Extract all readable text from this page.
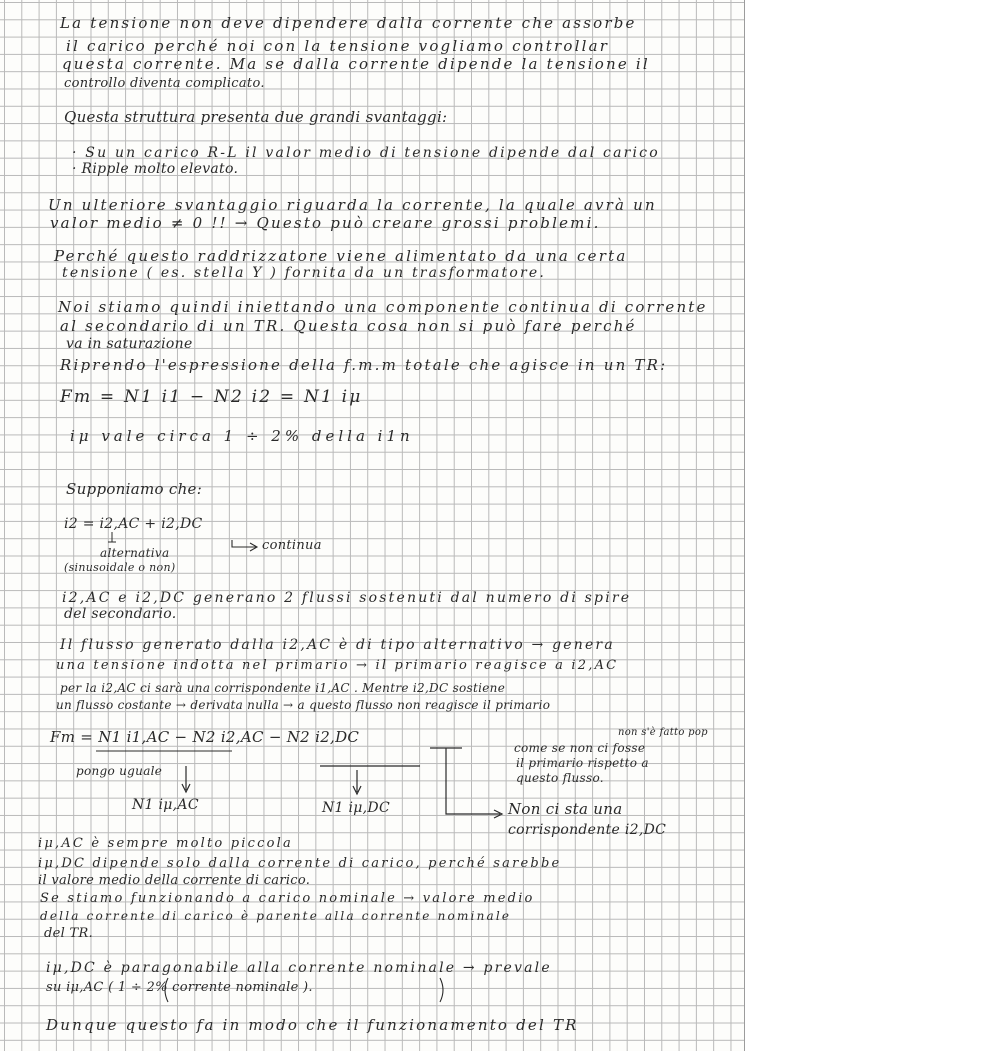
La tensione non deve dipendere dalla corrente che assorbe

il carico perché noi con la tensione vogliamo controllar

questa corrente. Ma se dalla corrente dipende la tensione il

controllo diventa complicato.

Questa struttura presenta due grandi svantaggi:

· Su un carico R-L il valor medio di tensione dipende dal carico

· Ripple molto elevato.

Un ulteriore svantaggio riguarda la corrente, la quale avrà un

valor medio ≠ 0 !! → Questo può creare grossi problemi.

Perché questo raddrizzatore viene alimentato da una certa

tensione ( es. stella Y ) fornita da un trasformatore.

Noi stiamo quindi iniettando una componente continua di corrente

al secondario di un TR. Questa cosa non si può fare perché

va in saturazione

Riprendo l'espressione della f.m.m totale che agisce in un TR:

Fm = N1 i1 − N2 i2 = N1 iμ

iμ vale circa 1 ÷ 2% della i1n

Supponiamo che:

i2 = i2,AC + i2,DC

alternativa

(sinusoidale o non)

continua

i2,AC e i2,DC generano 2 flussi sostenuti dal numero di spire

del secondario.

Il flusso generato dalla i2,AC è di tipo alternativo → genera

una tensione indotta nel primario → il primario reagisce a i2,AC

per la i2,AC ci sarà una corrispondente i1,AC . Mentre i2,DC sostiene

un flusso costante → derivata nulla → a questo flusso non reagisce il primario

Fm = N1 i1,AC − N2 i2,AC − N2 i2,DC

pongo uguale

non s'è fatto pop

come se non ci fosse

il primario rispetto a

questo flusso.

N1 iμ,AC	N1 iμ,DC	Non ci sta una

corrispondente i2,DC

iμ,AC è sempre molto piccola

iμ,DC dipende solo dalla corrente di carico, perché sarebbe

il valore medio della corrente di carico.

Se stiamo funzionando a carico nominale → valore medio

della corrente di carico è parente alla corrente nominale

del TR.

iμ,DC è paragonabile alla corrente nominale → prevale

su iμ,AC ( 1 ÷ 2% corrente nominale ).

Dunque questo fa in modo che il funzionamento del TR
